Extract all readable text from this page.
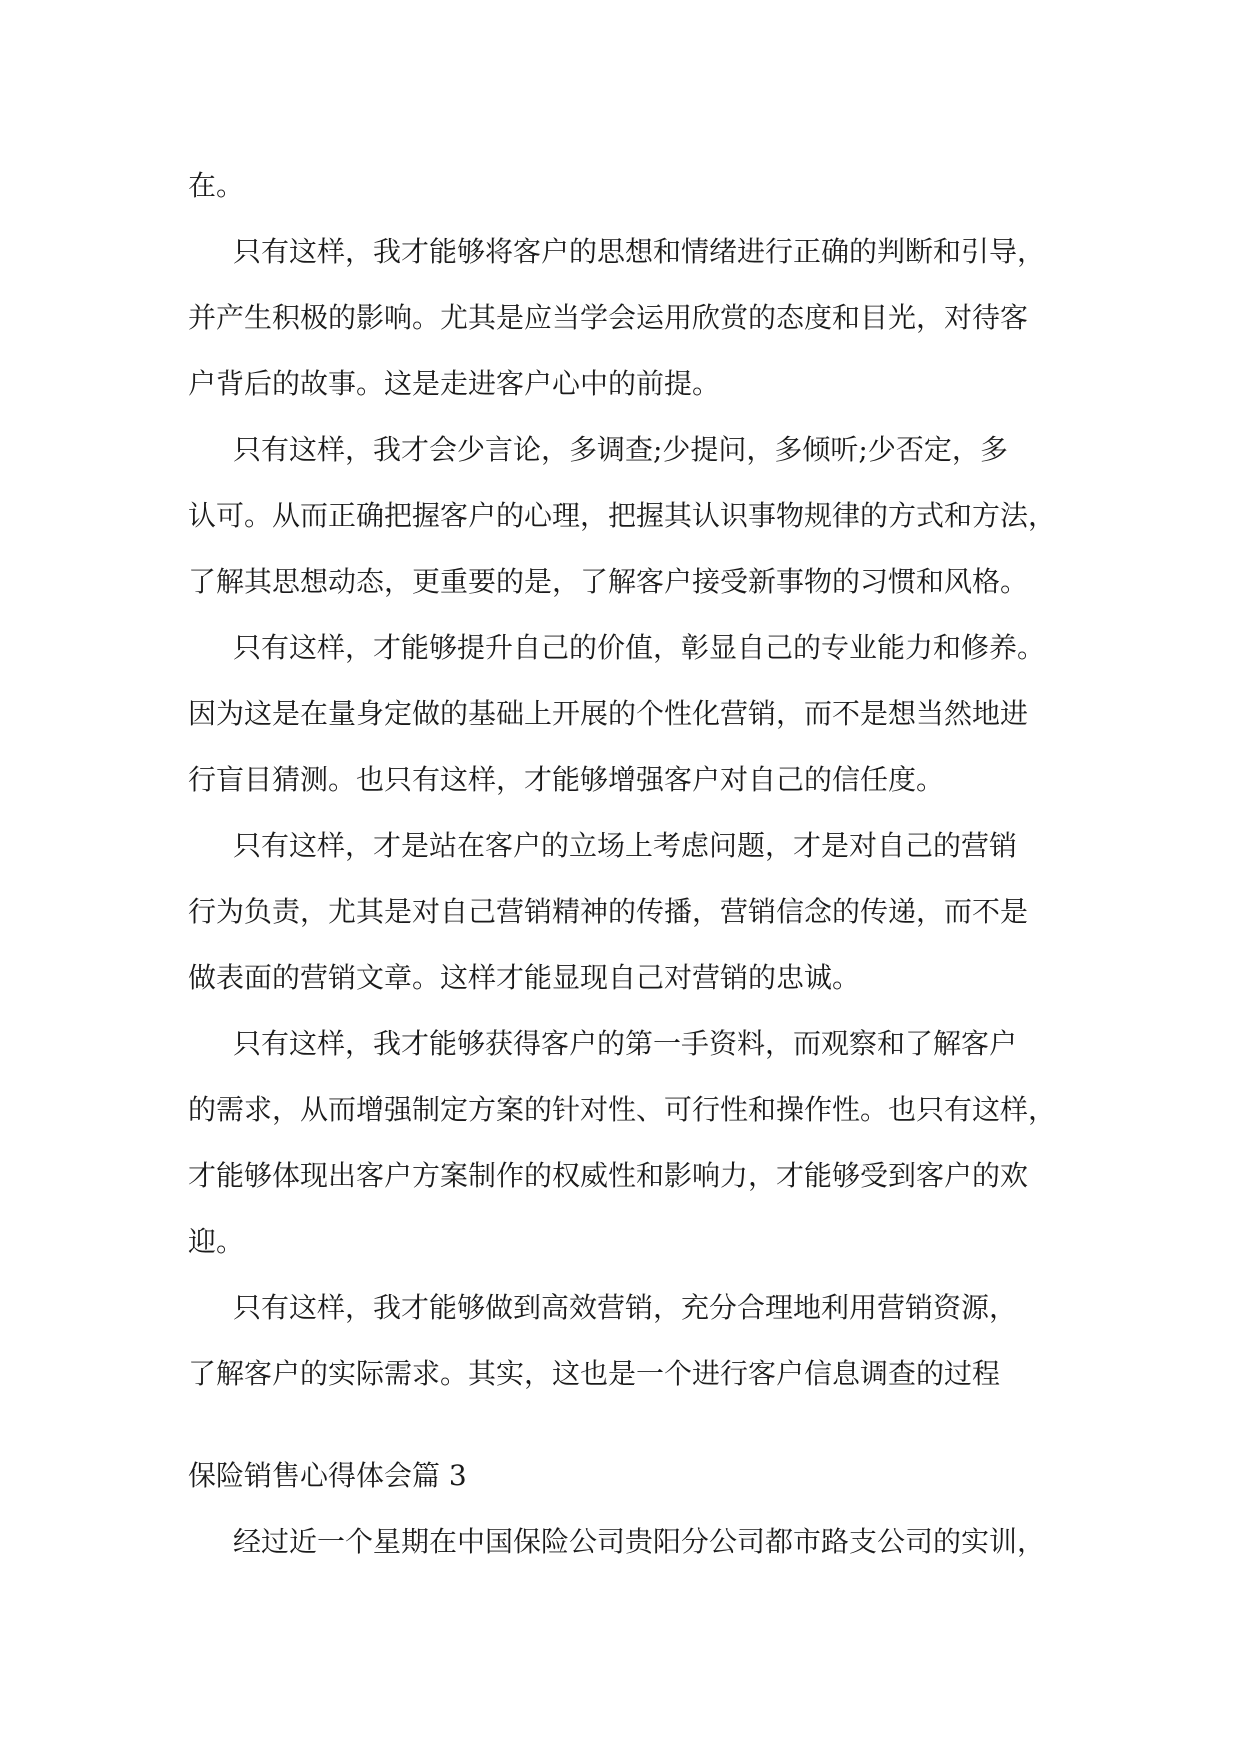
在。

只有这样，我才能够将客户的思想和情绪进行正确的判断和引导，

并产生积极的影响。尤其是应当学会运用欣赏的态度和目光，对待客

户背后的故事。这是走进客户心中的前提。

只有这样，我才会少言论，多调查;少提问，多倾听;少否定，多

认可。从而正确把握客户的心理，把握其认识事物规律的方式和方法，

了解其思想动态，更重要的是，了解客户接受新事物的习惯和风格。

只有这样，才能够提升自己的价值，彰显自己的专业能力和修养。

因为这是在量身定做的基础上开展的个性化营销，而不是想当然地进

行盲目猜测。也只有这样，才能够增强客户对自己的信任度。

只有这样，才是站在客户的立场上考虑问题，才是对自己的营销

行为负责，尤其是对自己营销精神的传播，营销信念的传递，而不是

做表面的营销文章。这样才能显现自己对营销的忠诚。

只有这样，我才能够获得客户的第一手资料，而观察和了解客户

的需求，从而增强制定方案的针对性、可行性和操作性。也只有这样，

才能够体现出客户方案制作的权威性和影响力，才能够受到客户的欢

迎。

只有这样，我才能够做到高效营销，充分合理地利用营销资源，

了解客户的实际需求。其实，这也是一个进行客户信息调查的过程

保险销售心得体会篇 3

经过近一个星期在中国保险公司贵阳分公司都市路支公司的实训，
